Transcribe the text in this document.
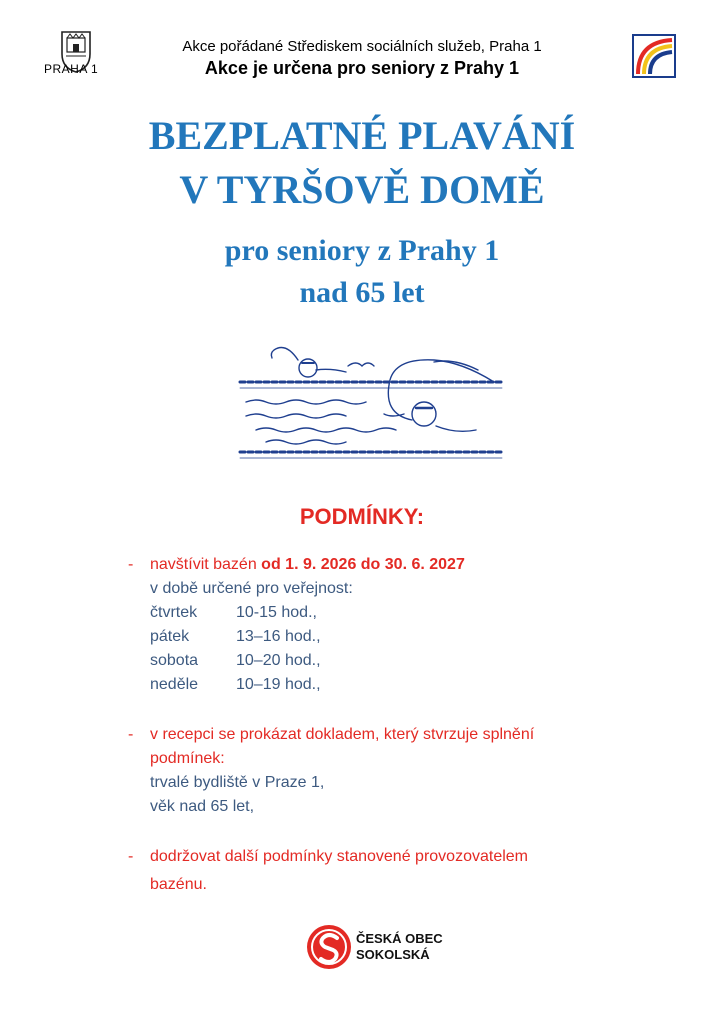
PRAHA 1
Akce pořádané Střediskem sociálních služeb, Praha 1
Akce je určena pro seniory z Prahy 1
BEZPLATNÉ PLAVÁNÍ
V TYRŠOVĚ DOMĚ
pro seniory z Prahy 1
nad 65 let
PODMÍNKY:
- navštívit bazén od 1. 9. 2026 do 30. 6. 2027
v době určené pro veřejnost:
čtvrtek	10-15 hod.,
pátek	13–16 hod.,
sobota	10–20 hod.,
neděle	10–19 hod.,
- v recepci se prokázat dokladem, který stvrzuje splnění
podmínek:
trvalé bydliště v Praze 1,
věk nad 65 let,
- dodržovat další podmínky stanovené provozovatelem
bazénu.
ČESKÁ OBEC
SOKOLSKÁ
